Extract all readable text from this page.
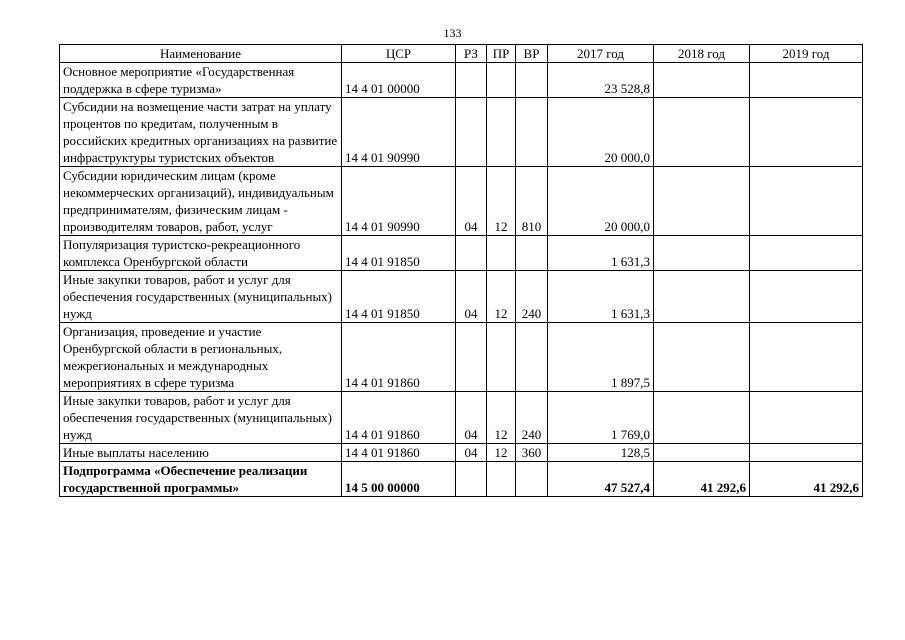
133
Наименование	ЦСР	РЗ	ПР	ВР	2017 год	2018 год	2019 год
Основное мероприятие «Государственная поддержка в сфере туризма»	14 4 01 00000				23 528,8		
Субсидии на возмещение части затрат на уплату процентов по кредитам, полученным в российских кредитных организациях на развитие инфраструктуры туристских объектов	14 4 01 90990				20 000,0		
Субсидии юридическим лицам (кроме некоммерческих организаций), индивидуальным предпринимателям, физическим лицам - производителям товаров, работ, услуг	14 4 01 90990	04	12	810	20 000,0		
Популяризация туристско-рекреационного комплекса Оренбургской области	14 4 01 91850				1 631,3		
Иные закупки товаров, работ и услуг для обеспечения государственных (муниципальных) нужд	14 4 01 91850	04	12	240	1 631,3		
Организация, проведение и участие Оренбургской области в региональных, межрегиональных и международных мероприятиях в сфере туризма	14 4 01 91860				1 897,5		
Иные закупки товаров, работ и услуг для обеспечения государственных (муниципальных) нужд	14 4 01 91860	04	12	240	1 769,0		
Иные выплаты населению	14 4 01 91860	04	12	360	128,5		
Подпрограмма «Обеспечение реализации государственной программы»	14 5 00 00000				47 527,4	41 292,6	41 292,6
